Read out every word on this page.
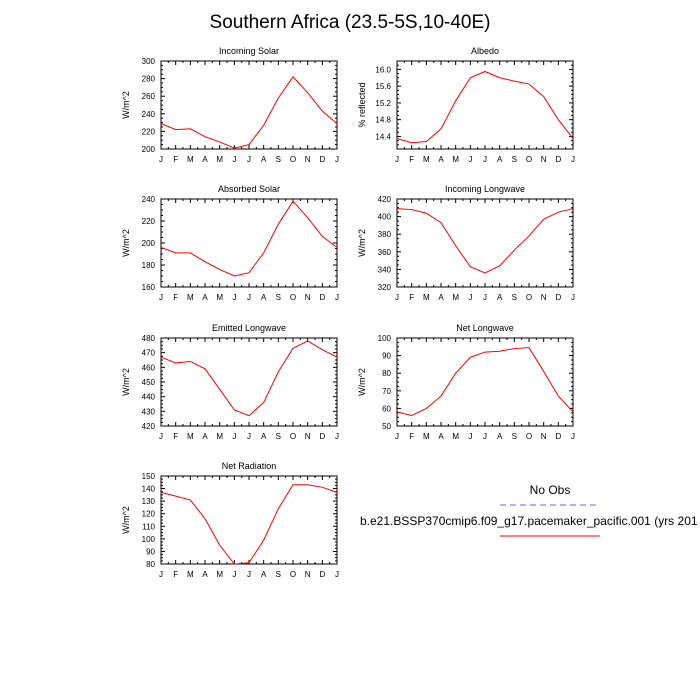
Southern Africa (23.5-5S,10-40E)
Incoming Solar
W/m^2
J F M A M J J A S O N D J
200
220
240
260
280
300
Albedo
% reflected
J F M A M J J A S O N D J
14.4
14.8
15.2
15.6
16.0
Absorbed Solar
W/m^2
J F M A M J J A S O N D J
160
180
200
220
240
Incoming Longwave
W/m^2
J F M A M J J A S O N D J
320
340
360
380
400
420
Emitted Longwave
W/m^2
J F M A M J J A S O N D J
420
430
440
450
460
470
480
Net Longwave
W/m^2
J F M A M J J A S O N D J
50
60
70
80
90
100
Net Radiation
W/m^2
J F M A M J J A S O N D J
80
90
100
110
120
130
140
150
No Obs
b.e21.BSSP370cmip6.f09_g17.pacemaker_pacific.001 (yrs 201
